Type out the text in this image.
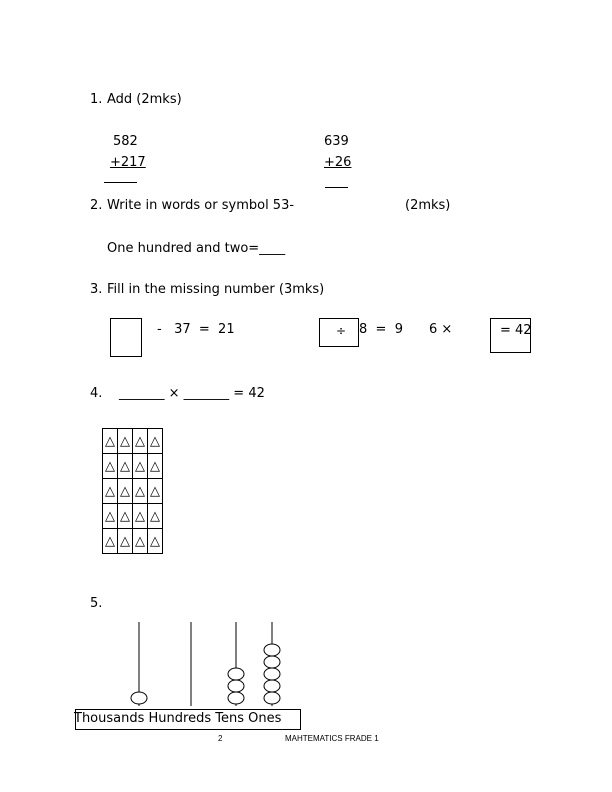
1. Add (2mks)
582
+217
639
+26
2. Write in words or symbol 53-	(2mks)
One hundred and two=____
3. Fill in the missing number (3mks)
-   37  =  21	÷ 8  =  9 6 ×	= 42
4. _______ × _______ = 42
△	△	△	△
△	△	△	△
△	△	△	△
△	△	△	△
△	△	△	△
5.
Thousands Hundreds Tens Ones
2	MAHTEMATICS FRADE 1
